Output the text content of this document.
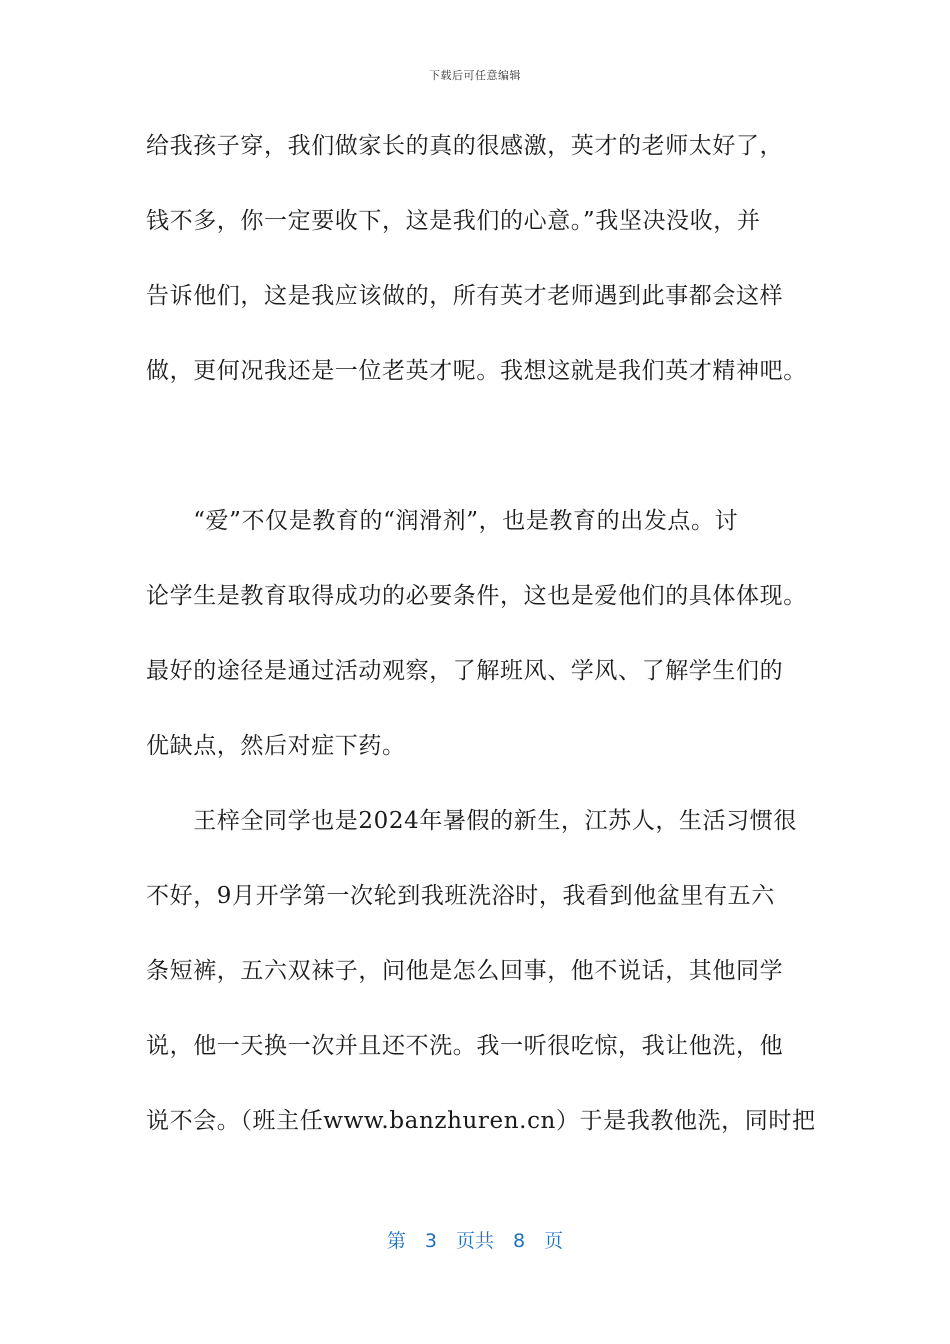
下载后可任意编辑
给我孩子穿，我们做家长的真的很感激，英才的老师太好了，
钱不多，你一定要收下，这是我们的心意。”我坚决没收，并
告诉他们，这是我应该做的，所有英才老师遇到此事都会这样
做，更何况我还是一位老英才呢。我想这就是我们英才精神吧。
　　“爱”不仅是教育的“润滑剂”，也是教育的出发点。讨
论学生是教育取得成功的必要条件，这也是爱他们的具体体现。
最好的途径是通过活动观察，了解班风、学风、了解学生们的
优缺点，然后对症下药。
　　王梓全同学也是2024年暑假的新生，江苏人，生活习惯很
不好，9月开学第一次轮到我班洗浴时，我看到他盆里有五六
条短裤，五六双袜子，问他是怎么回事，他不说话，其他同学
说，他一天换一次并且还不洗。我一听很吃惊，我让他洗，他
说不会。（班主任www.banzhuren.cn）于是我教他洗，同时把
第　3　页共　8　页
